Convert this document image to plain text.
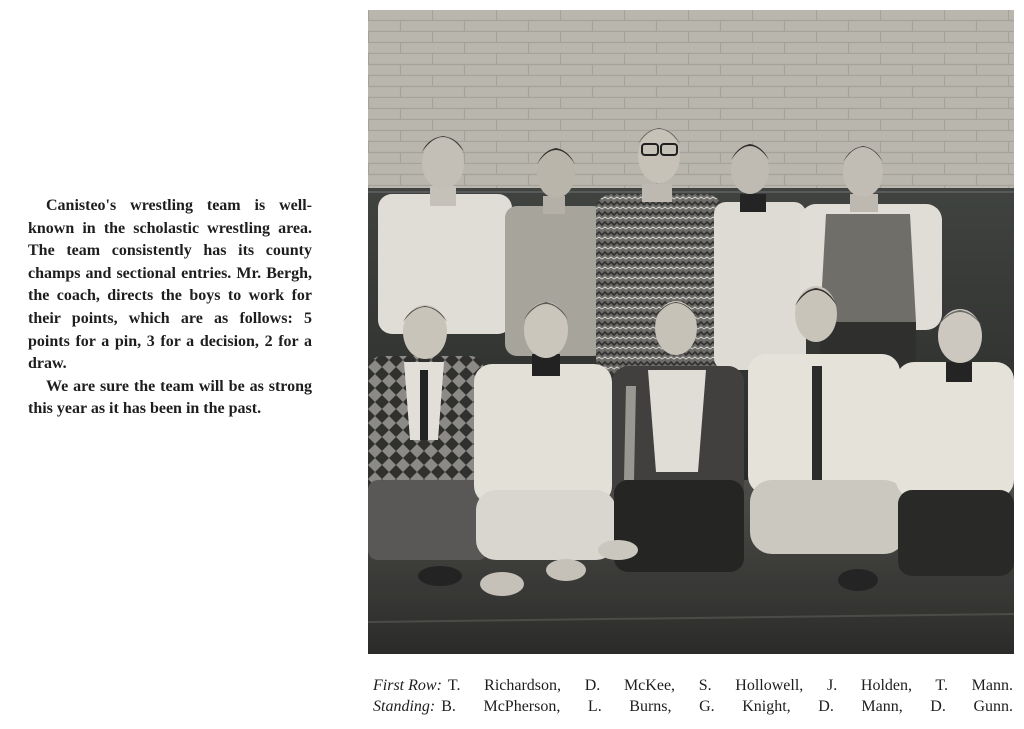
Canisteo's wrestling team is well-known in the scholastic wrestling area. The team consistently has its county champs and sectional entries. Mr. Bergh, the coach, directs the boys to work for their points, which are as follows: 5 points for a pin, 3 for a decision, 2 for a draw.

We are sure the team will be as strong this year as it has been in the past.

First Row: T. Richardson, D. McKee, S. Hollowell, J. Holden, T. Mann.
Standing: B. McPherson, L. Burns, G. Knight, D. Mann, D. Gunn.
